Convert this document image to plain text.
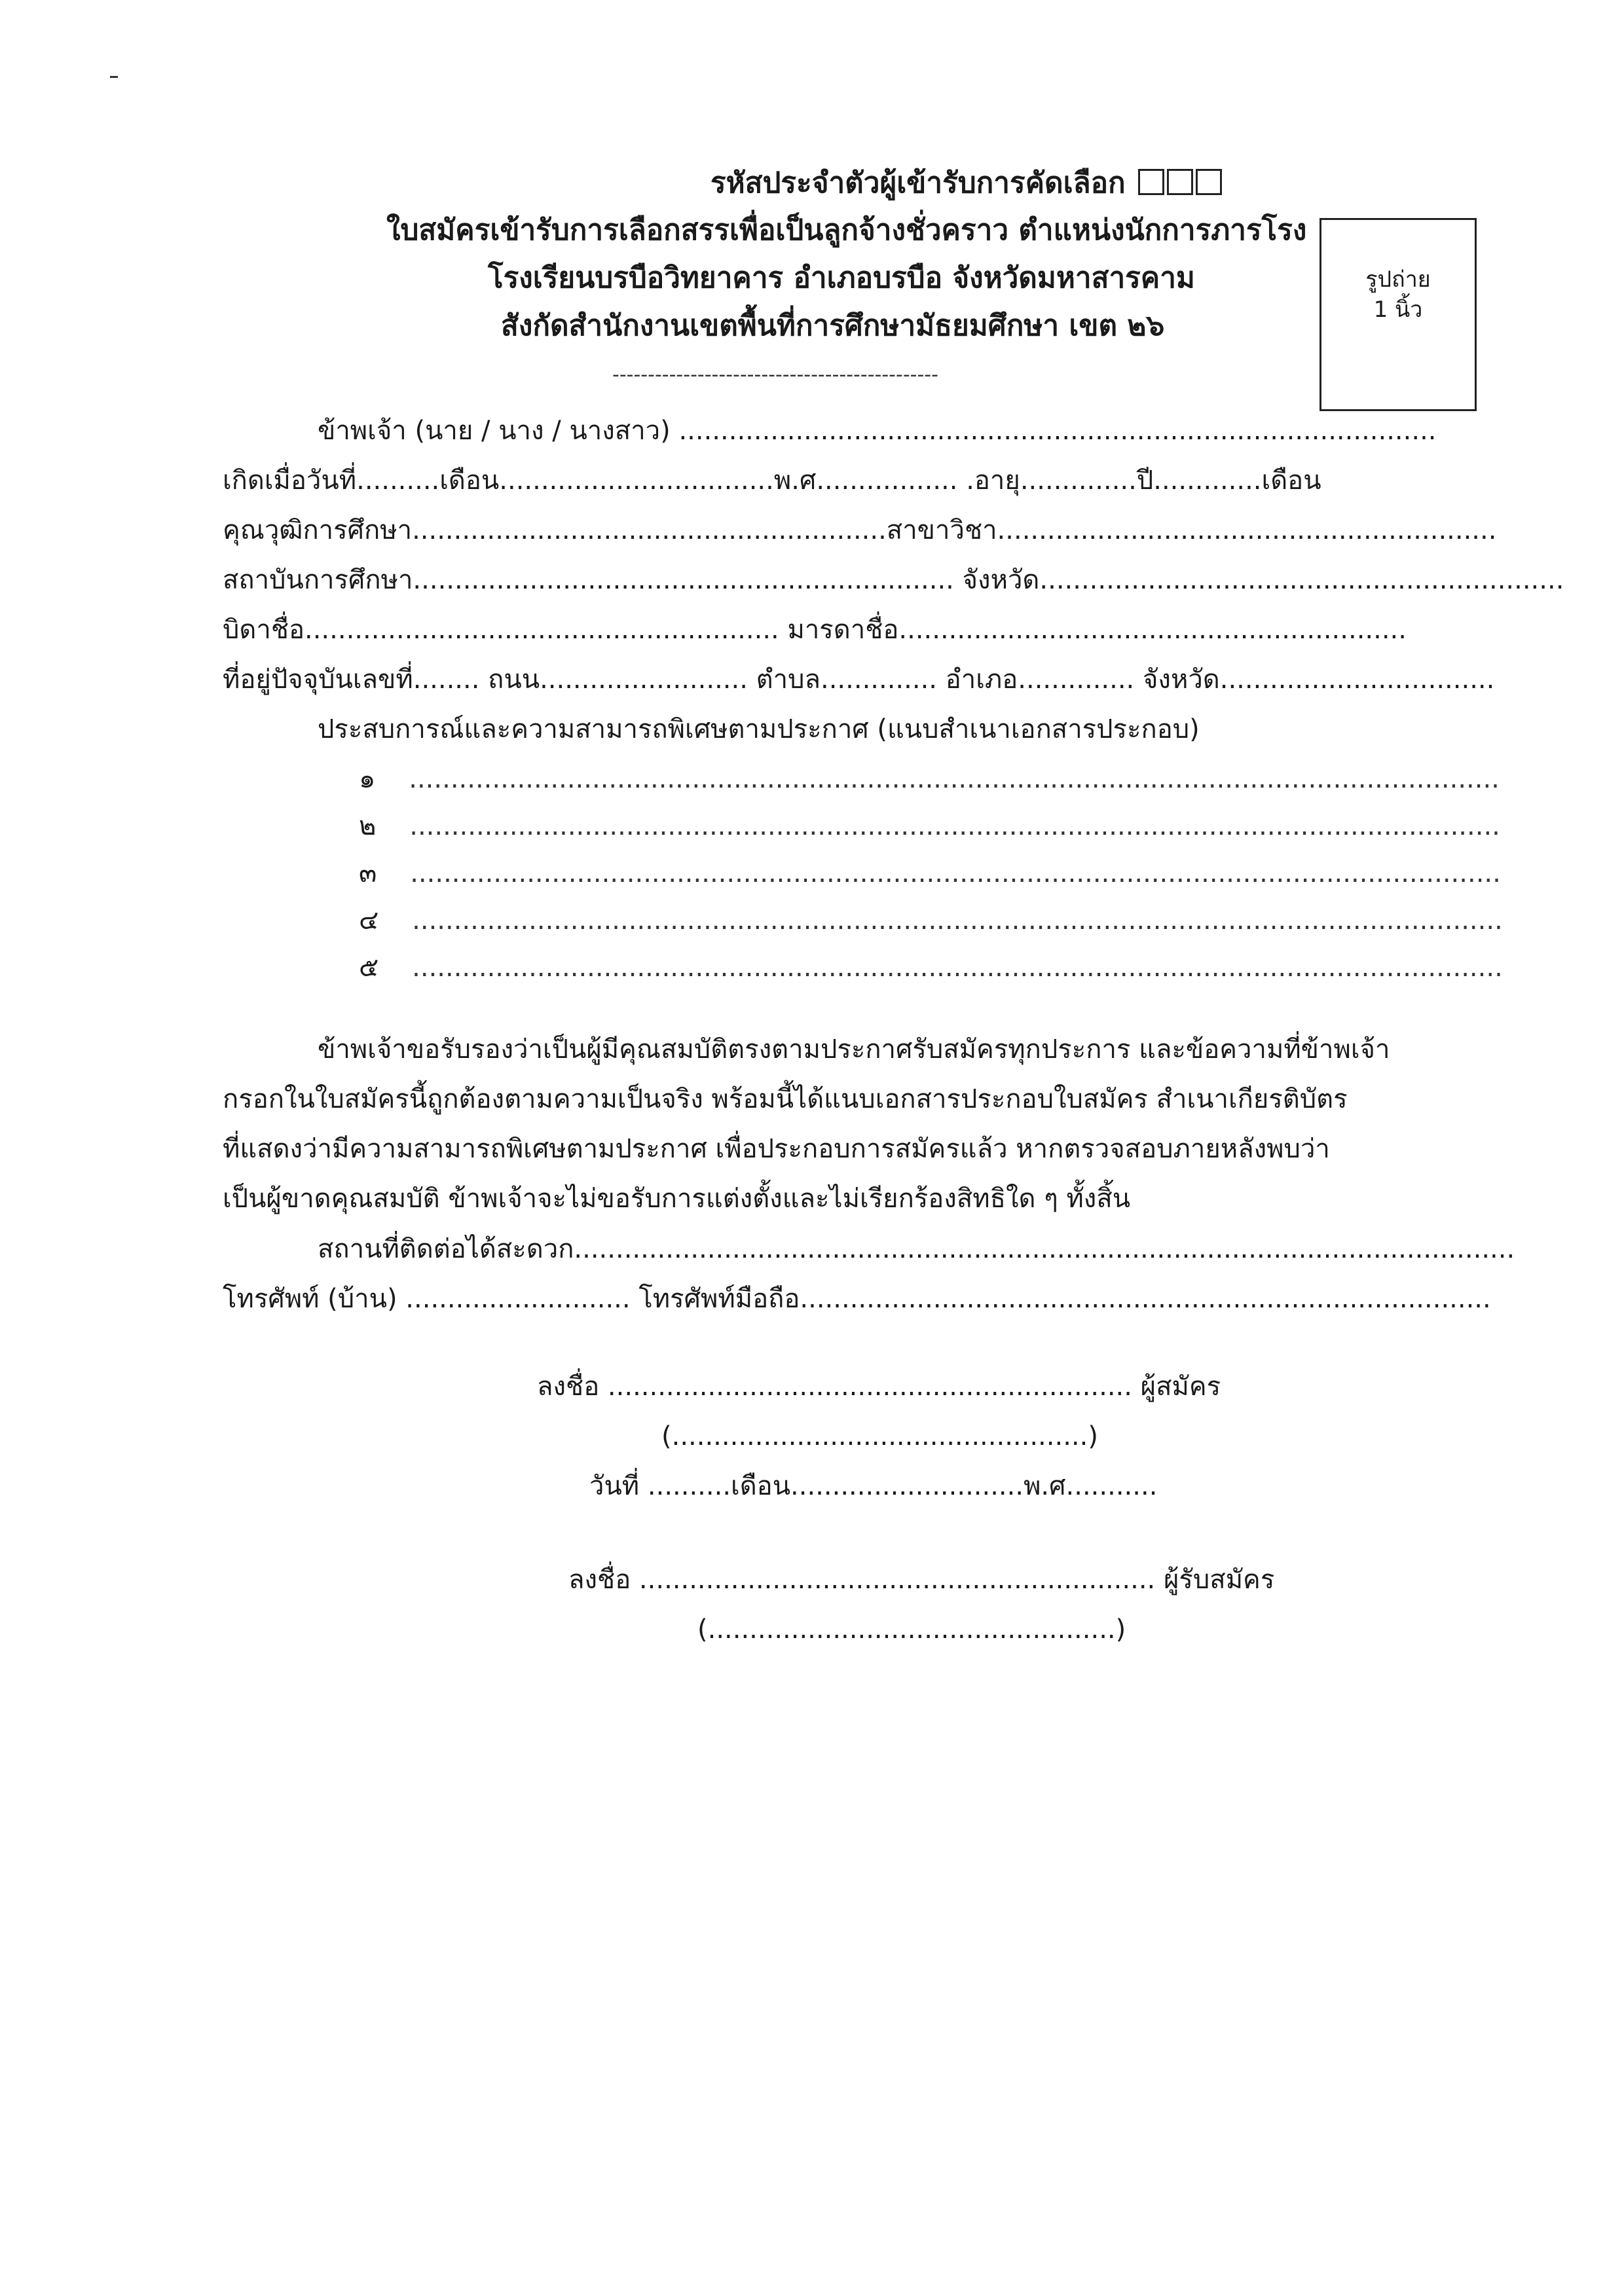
รหัสประจำตัวผู้เข้ารับการคัดเลือก
ใบสมัครเข้ารับการเลือกสรรเพื่อเป็นลูกจ้างชั่วคราว ตำแหน่งนักการภารโรง
โรงเรียนบรบือวิทยาคาร อำเภอบรบือ จังหวัดมหาสารคาม
สังกัดสำนักงานเขตพื้นที่การศึกษามัธยมศึกษา เขต ๒๖
----------------------------------------------
รูปถ่าย
1 นิ้ว
ข้าพเจ้า (นาย / นาง / นางสาว) ...........................................................................................
เกิดเมื่อวันที่..........เดือน.................................พ.ศ................. .อายุ..............ปี.............เดือน
คุณวุฒิการศึกษา.........................................................สาขาวิชา............................................................
สถาบันการศึกษา................................................................. จังหวัด...............................................................
บิดาชื่อ......................................................... มารดาชื่อ.............................................................
ที่อยู่ปัจจุบันเลขที่........ ถนน......................... ตำบล.............. อำเภอ.............. จังหวัด.................................
ประสบการณ์และความสามารถพิเศษตามประกาศ (แนบสำเนาเอกสารประกอบ)
๑ ...................................................................................................................................
๒ ...................................................................................................................................
๓ ...................................................................................................................................
๔ ...................................................................................................................................
๕ ...................................................................................................................................
ข้าพเจ้าขอรับรองว่าเป็นผู้มีคุณสมบัติตรงตามประกาศรับสมัครทุกประการ และข้อความที่ข้าพเจ้า
กรอกในใบสมัครนี้ถูกต้องตามความเป็นจริง พร้อมนี้ได้แนบเอกสารประกอบใบสมัคร สำเนาเกียรติบัตร
ที่แสดงว่ามีความสามารถพิเศษตามประกาศ เพื่อประกอบการสมัครแล้ว หากตรวจสอบภายหลังพบว่า
เป็นผู้ขาดคุณสมบัติ ข้าพเจ้าจะไม่ขอรับการแต่งตั้งและไม่เรียกร้องสิทธิใด ๆ ทั้งสิ้น
สถานที่ติดต่อได้สะดวก.................................................................................................................
โทรศัพท์ (บ้าน) ........................... โทรศัพท์มือถือ...................................................................................
ลงชื่อ ............................................................... ผู้สมัคร
(..................................................)
วันที่ ..........เดือน............................พ.ศ...........
ลงชื่อ .............................................................. ผู้รับสมัคร
(.................................................)
